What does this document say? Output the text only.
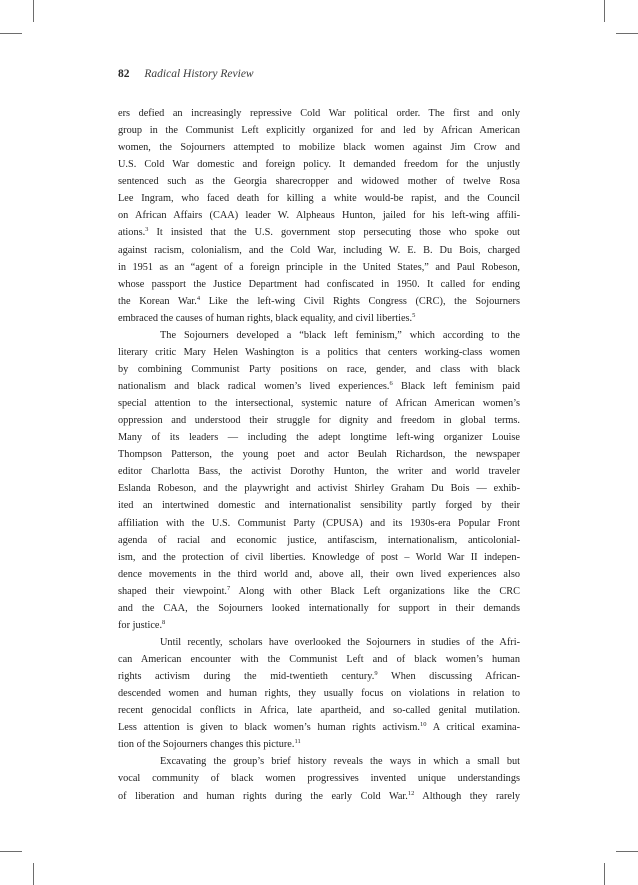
82 Radical History Review
ers defied an increasingly repressive Cold War political order. The first and only
group in the Communist Left explicitly organized for and led by African American
women, the Sojourners attempted to mobilize black women against Jim Crow and
U.S. Cold War domestic and foreign policy. It demanded freedom for the unjustly
sentenced such as the Georgia sharecropper and widowed mother of twelve Rosa
Lee Ingram, who faced death for killing a white would-be rapist, and the Council
on African Affairs (CAA) leader W. Alpheaus Hunton, jailed for his left-wing affili-
ations.$^3$ It insisted that the U.S. government stop persecuting those who spoke out
against racism, colonialism, and the Cold War, including W. E. B. Du Bois, charged
in 1951 as an “agent of a foreign principle in the United States,” and Paul Robeson,
whose passport the Justice Department had confiscated in 1950. It called for ending
the Korean War.$^4$ Like the left-wing Civil Rights Congress (CRC), the Sojourners
embraced the causes of human rights, black equality, and civil liberties.$^5$
The Sojourners developed a “black left feminism,” which according to the
literary critic Mary Helen Washington is a politics that centers working-class women
by combining Communist Party positions on race, gender, and class with black
nationalism and black radical women’s lived experiences.$^6$ Black left feminism paid
special attention to the intersectional, systemic nature of African American women’s
oppression and understood their struggle for dignity and freedom in global terms.
Many of its leaders — including the adept longtime left-wing organizer Louise
Thompson Patterson, the young poet and actor Beulah Richardson, the newspaper
editor Charlotta Bass, the activist Dorothy Hunton, the writer and world traveler
Eslanda Robeson, and the playwright and activist Shirley Graham Du Bois — exhib-
ited an intertwined domestic and internationalist sensibility partly forged by their
affiliation with the U.S. Communist Party (CPUSA) and its 1930s-era Popular Front
agenda of racial and economic justice, antifascism, internationalism, anticolonial-
ism, and the protection of civil liberties. Knowledge of post – World War II indepen-
dence movements in the third world and, above all, their own lived experiences also
shaped their viewpoint.$^7$ Along with other Black Left organizations like the CRC
and the CAA, the Sojourners looked internationally for support in their demands
for justice.$^8$
Until recently, scholars have overlooked the Sojourners in studies of the Afri-
can American encounter with the Communist Left and of black women’s human
rights activism during the mid-twentieth century.$^9$ When discussing African-
descended women and human rights, they usually focus on violations in relation to
recent genocidal conflicts in Africa, late apartheid, and so-called genital mutilation.
Less attention is given to black women’s human rights activism.$^{10}$ A critical examina-
tion of the Sojourners changes this picture.$^{11}$
Excavating the group’s brief history reveals the ways in which a small but
vocal community of black women progressives invented unique understandings
of liberation and human rights during the early Cold War.$^{12}$ Although they rarely
